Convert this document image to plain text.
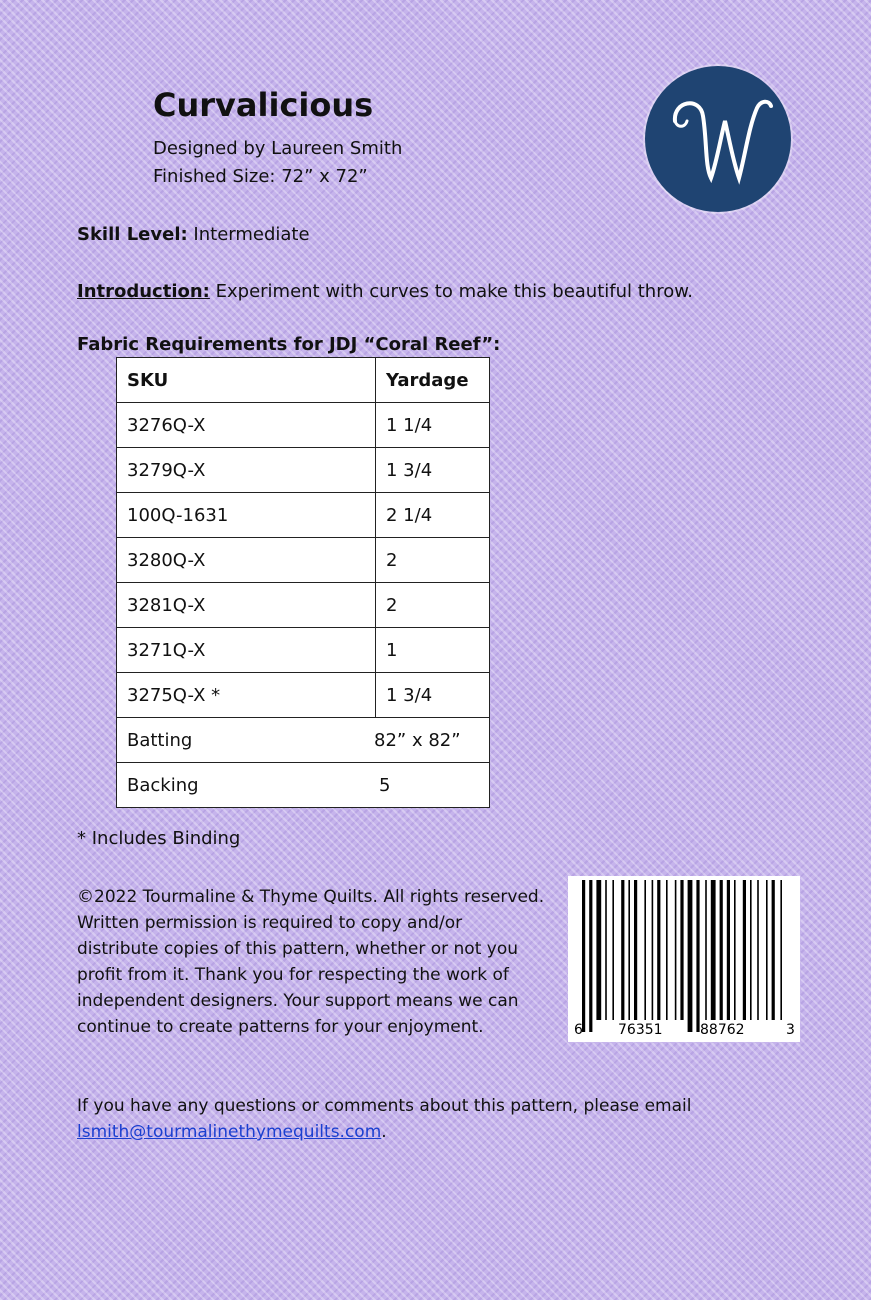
Curvalicious
Designed by Laureen Smith
Finished Size: 72” x 72”
W
Skill Level: Intermediate
Introduction: Experiment with curves to make this beautiful throw.
Fabric Requirements for JDJ “Coral Reef”:
SKU	Yardage
3276Q-X	1 1/4
3279Q-X	1 3/4
100Q-1631	2 1/4
3280Q-X	2
3281Q-X	2
3271Q-X	1
3275Q-X *	1 3/4
Batting 82” x 82”	
Backing 5	
* Includes Binding
©2022 Tourmaline & Thyme Quilts. All rights reserved. Written permission is required to copy and/or distribute copies of this pattern, whether or not you profit from it. Thank you for respecting the work of independent designers. Your support means we can continue to create patterns for your enjoyment.	6	76351	88762	3
If you have any questions or comments about this pattern, please email lsmith@tourmalinethymequilts.com.
